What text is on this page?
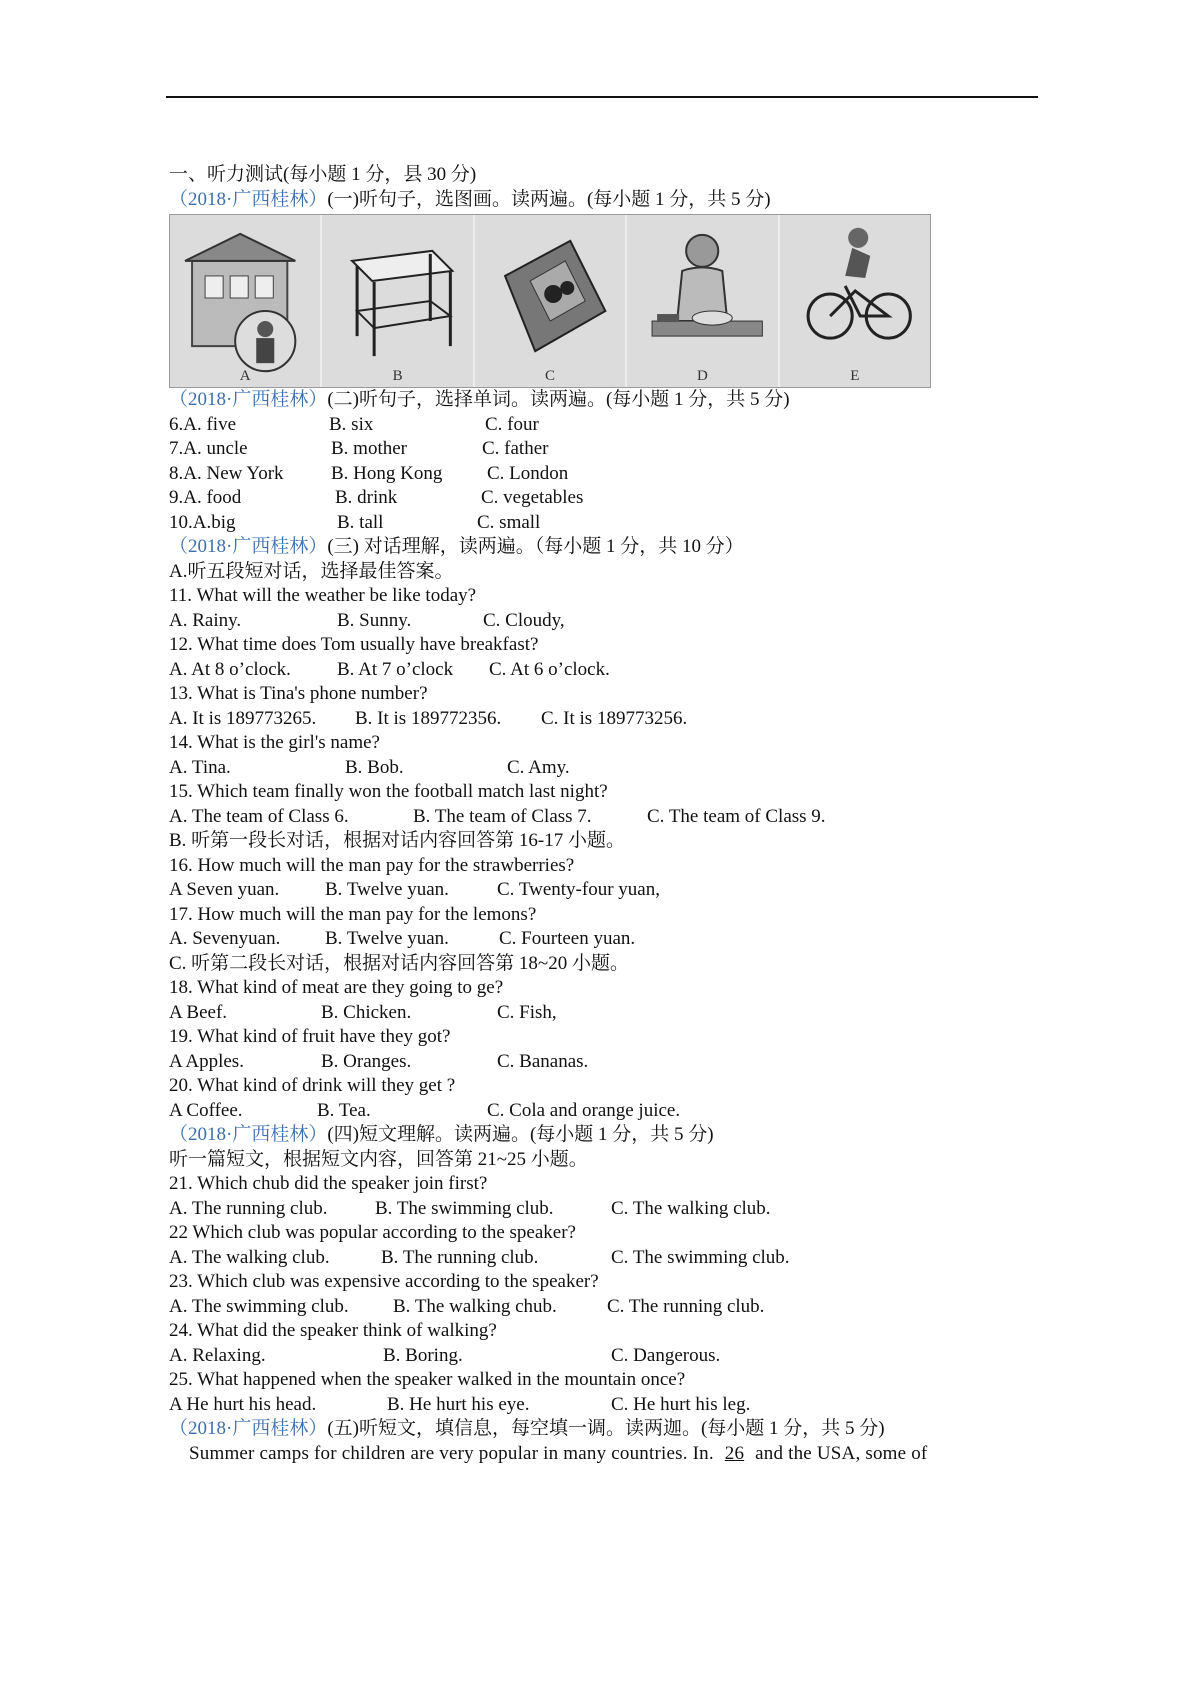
一、听力测试(每小题 1 分，县 30 分)
（2018·广西桂林）(一)听句子，选图画。读两遍。(每小题 1 分，共 5 分)
A	B	C	D	E
（2018·广西桂林）(二)听句子，选择单词。读两遍。(每小题 1 分，共 5 分)
6.A. five	B. six	C. four
7.A. uncle	B. mother	C. father
8.A. New York B. Hong Kong C. London
9.A. food	B. drink	C. vegetables
10.A.big	B. tall	C. small
（2018·广西桂林）(三) 对话理解，读两遍。（每小题 1 分，共 10 分）
A.听五段短对话，选择最佳答案。
11. What will the weather be like today?
A. Rainy.	B. Sunny.	C. Cloudy,
12. What time does Tom usually have breakfast?
A. At 8 o’clock. B. At 7 o’clock C. At 6 o’clock.
13. What is Tina's phone number?
A. It is 189773265. B. It is 189772356. C. It is 189773256.
14. What is the girl's name?
A. Tina.	B. Bob.	C. Amy.
15. Which team finally won the football match last night?
A. The team of Class 6.	B. The team of Class 7.	C. The team of Class 9.
B. 听第一段长对话，根据对话内容回答第 16-17 小题。
16. How much will the man pay for the strawberries?
A Seven yuan. B. Twelve yuan.	C. Twenty-four yuan,
17. How much will the man pay for the lemons?
A. Sevenyuan. B. Twelve yuan.	C. Fourteen yuan.
C. 听第二段长对话，根据对话内容回答第 18~20 小题。
18. What kind of meat are they going to ge?
A Beef.	B. Chicken.	C. Fish,
19. What kind of fruit have they got?
A Apples.	B. Oranges.	C. Bananas.
20. What kind of drink will they get ?
A Coffee.	B. Tea.	C. Cola and orange juice.
（2018·广西桂林）(四)短文理解。读两遍。(每小题 1 分，共 5 分)
听一篇短文，根据短文内容，回答第 21~25 小题。
21. Which chub did the speaker join first?
A. The running club.	B. The swimming club.	C. The walking club.
22 Which club was popular according to the speaker?
A. The walking club.	B. The running club.	C. The swimming club.
23. Which club was expensive according to the speaker?
A. The swimming club. B. The walking chub.	C. The running club.
24. What did the speaker think of walking?
A. Relaxing.	B. Boring.	C. Dangerous.
25. What happened when the speaker walked in the mountain once?
A He hurt his head.	B. He hurt his eye.	C. He hurt his leg.
（2018·广西桂林）(五)听短文，填信息，每空填一调。读两迦。(每小题 1 分，共 5 分)
Summer camps for children are very popular in many countries. In. 26 and the USA, some of
